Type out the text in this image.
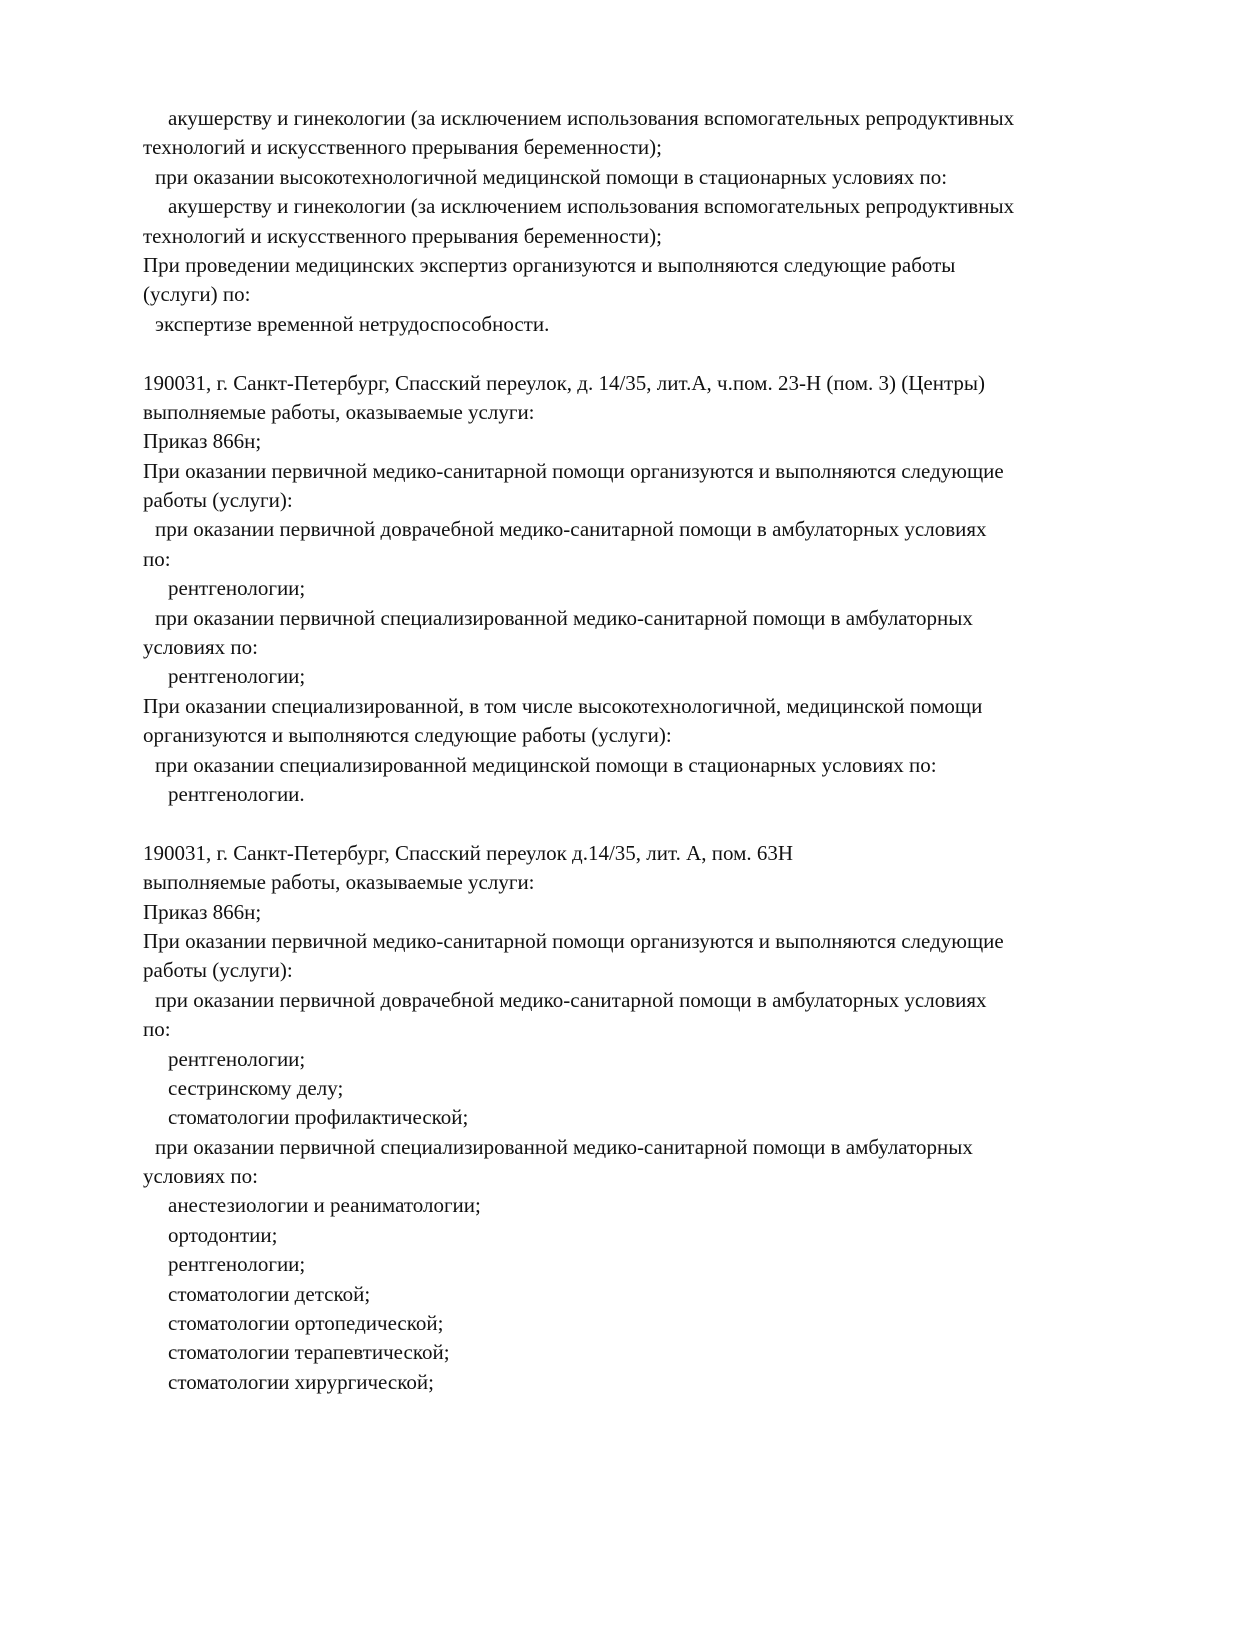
акушерству и гинекологии (за исключением использования вспомогательных репродуктивных
технологий и искусственного прерывания беременности);
при оказании высокотехнологичной медицинской помощи в стационарных условиях по:
акушерству и гинекологии (за исключением использования вспомогательных репродуктивных
технологий и искусственного прерывания беременности);
При проведении медицинских экспертиз организуются и выполняются следующие работы
(услуги) по:
экспертизе временной нетрудоспособности.
190031, г. Санкт-Петербург, Спасский переулок, д. 14/35, лит.А, ч.пом. 23-Н (пом. 3) (Центры)
выполняемые работы, оказываемые услуги:
Приказ 866н;
При оказании первичной медико-санитарной помощи организуются и выполняются следующие
работы (услуги):
при оказании первичной доврачебной медико-санитарной помощи в амбулаторных условиях
по:
рентгенологии;
при оказании первичной специализированной медико-санитарной помощи в амбулаторных
условиях по:
рентгенологии;
При оказании специализированной, в том числе высокотехнологичной, медицинской помощи
организуются и выполняются следующие работы (услуги):
при оказании специализированной медицинской помощи в стационарных условиях по:
рентгенологии.
190031, г. Санкт-Петербург, Спасский переулок д.14/35, лит. А, пом. 63Н
выполняемые работы, оказываемые услуги:
Приказ 866н;
При оказании первичной медико-санитарной помощи организуются и выполняются следующие
работы (услуги):
при оказании первичной доврачебной медико-санитарной помощи в амбулаторных условиях
по:
рентгенологии;
сестринскому делу;
стоматологии профилактической;
при оказании первичной специализированной медико-санитарной помощи в амбулаторных
условиях по:
анестезиологии и реаниматологии;
ортодонтии;
рентгенологии;
стоматологии детской;
стоматологии ортопедической;
стоматологии терапевтической;
стоматологии хирургической;
